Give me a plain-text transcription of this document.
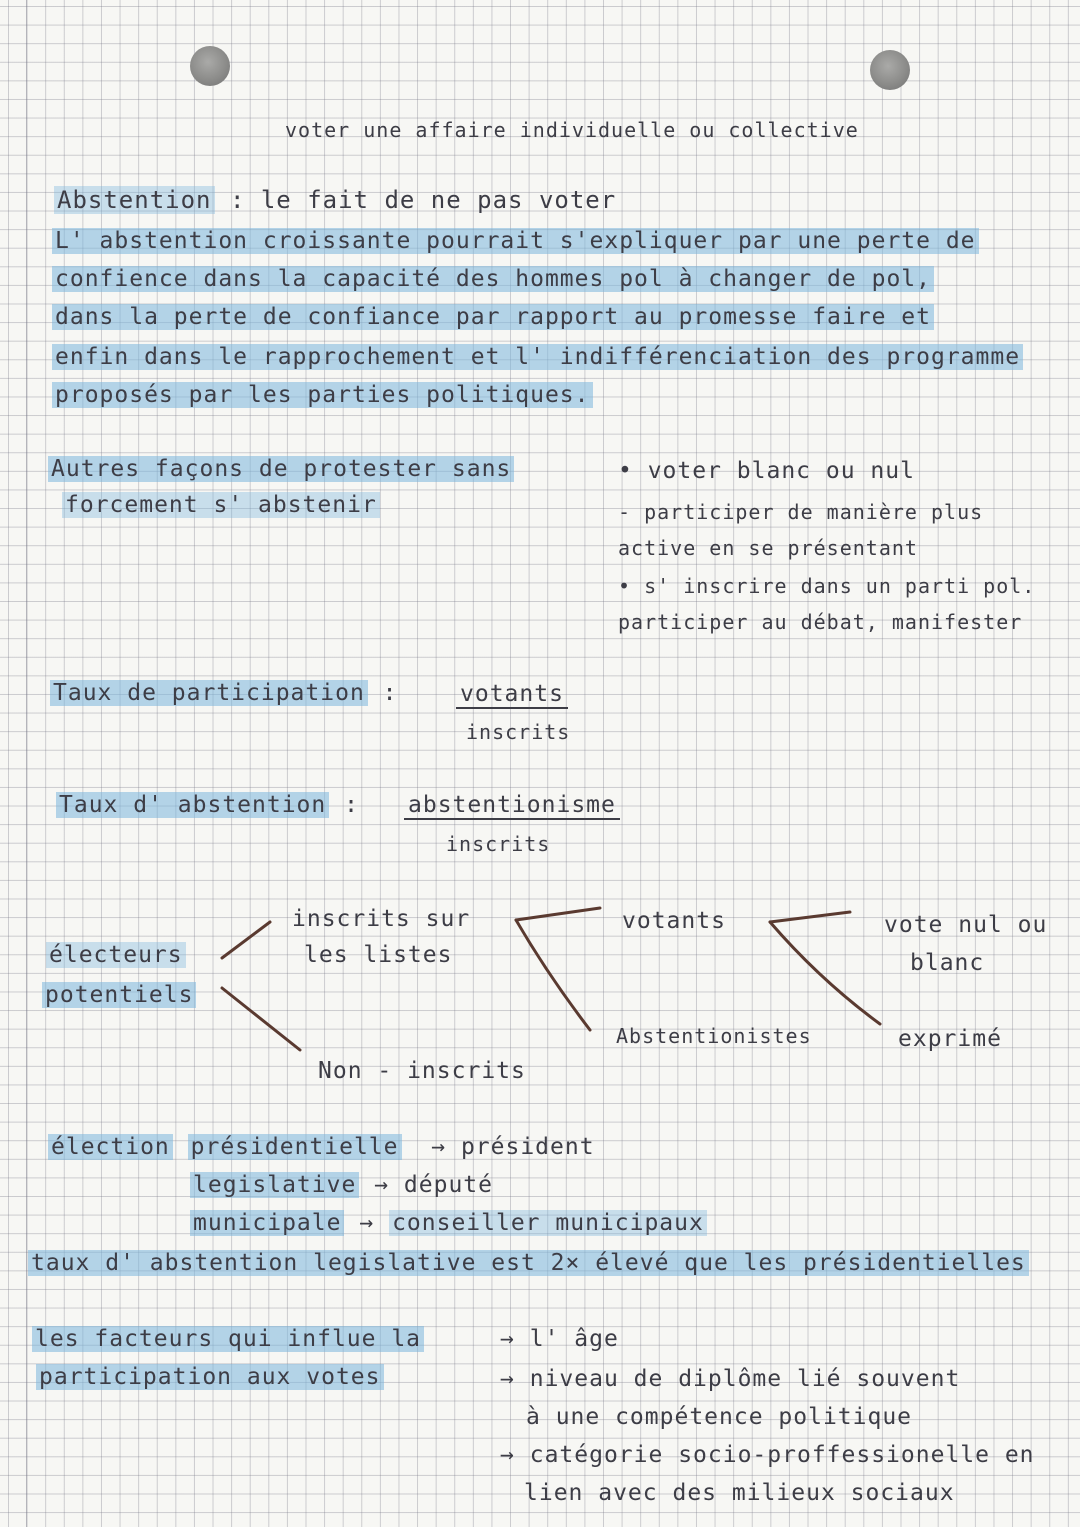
voter une affaire individuelle ou collective
Abstention : le fait de ne pas voter
L' abstention croissante pourrait s'expliquer par une perte de
confience dans la capacité des hommes pol à changer de pol,
dans la perte de confiance par rapport au promesse faire et
enfin dans le rapprochement et l' indifférenciation des programme
proposés par les parties politiques.
Autres façons de protester sans
forcement s' abstenir
• voter blanc ou nul
- participer de manière plus
active en se présentant
• s' inscrire dans un parti pol.
participer au débat, manifester
Taux de participation :	votants
inscrits
Taux d' abstention : abstentionisme
inscrits
électeurs
potentiels
inscrits sur
les listes
Non - inscrits
votants
Abstentionistes
vote nul ou
blanc
exprimé
élection présidentielle → président
legislative → député
municipale → conseiller municipaux
taux d' abstention legislative est 2× élevé que les présidentielles
les facteurs qui influe la
participation aux votes
→ l' âge
→ niveau de diplôme lié souvent
à une compétence politique
→ catégorie socio-proffessionelle en
lien avec des milieux sociaux
